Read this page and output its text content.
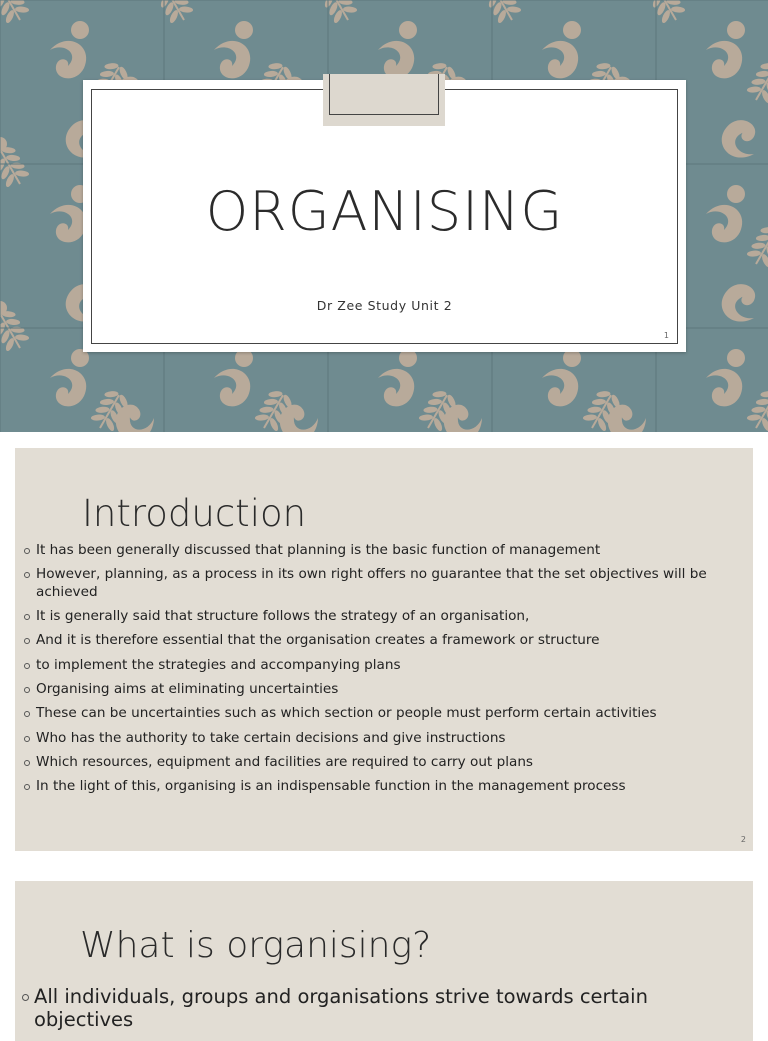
ORGANISING
Dr Zee Study Unit 2
1
Introduction
It has been generally discussed that planning is the basic function of management
However, planning, as a process in its own right offers no guarantee that the set objectives will be achieved
It is generally said that structure follows the strategy of an organisation,
And it is therefore essential that the organisation creates a framework or structure
to implement the strategies and accompanying plans
Organising aims at eliminating uncertainties
These can be uncertainties such as which section or people must perform certain activities
Who has the authority to take certain decisions and give instructions
Which resources, equipment and facilities are required to carry out plans
In the light of this, organising is an indispensable function in the management process
2
What is organising?
All individuals, groups and organisations strive towards certain objectives
